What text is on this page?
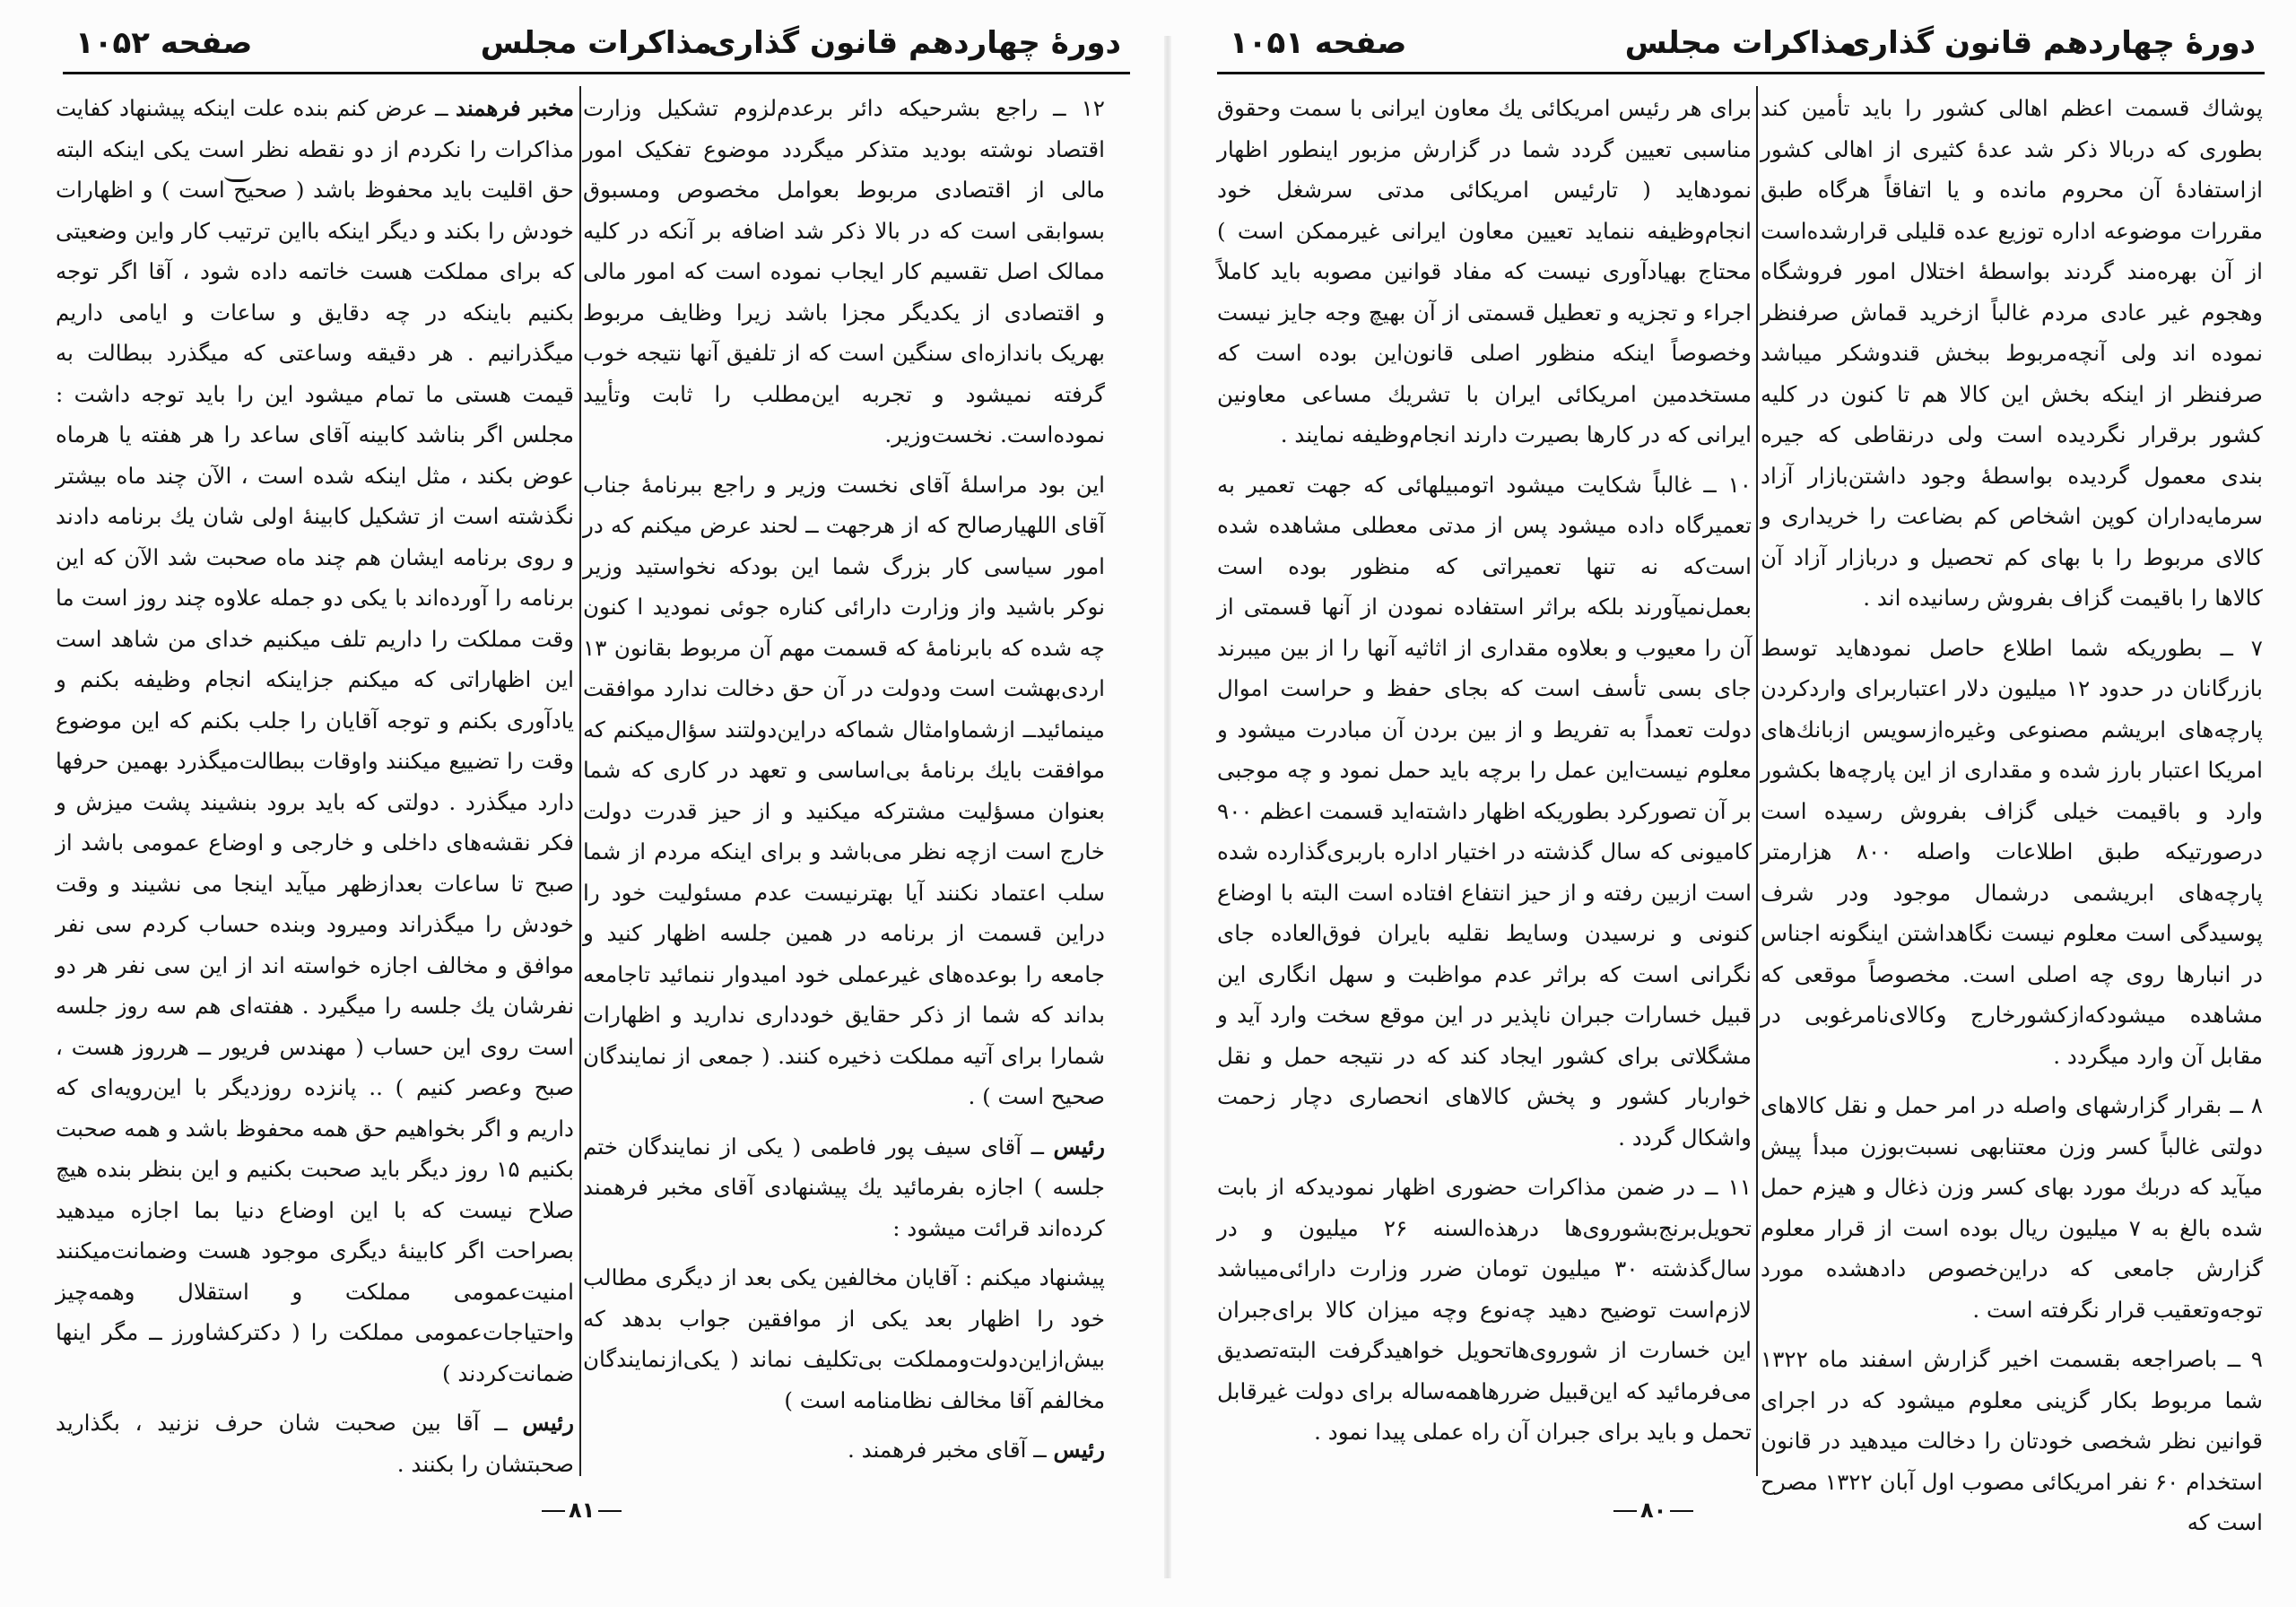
دورهٔ چهاردهم قانون گذاری
مذاکرات مجلس
صفحه ۱۰۵۲

۱۲ ــ راجع بشرحیکه دائر برعدم‌لزوم تشکیل وزارت اقتصاد نوشته بودید متذکر میگردد موضوع تفکیک امور مالی از اقتصادی مربوط بعوامل مخصوص ومسبوق بسوابقی است که در بالا ذکر شد اضافه بر آنکه در کلیه ممالک اصل تقسیم کار ایجاب نموده است که امور مالی و اقتصادی از یکدیگر مجزا باشد زیرا وظایف مربوط بهریک باندازه‌ای سنگین است که از تلفیق آنها نتیجه خوب گرفته نمیشود و تجربه این‌مطلب را ثابت وتأیید نموده‌است. نخست‌وزیر.

این بود مراسلهٔ آقای نخست وزیر و راجع ببرنامهٔ جناب آقای اللهیار‌صالح که از هرجهت ــ لحند عرض میکنم که در امور سیاسی کار بزرگ شما این بودکه نخواستید وزیر نوکر باشید واز وزارت دارائی کناره جوئی نمودید ا کنون چه شده که بابرنامهٔ که قسمت مهم آن مربوط بقانون ۱۳ اردی‌بهشت است ودولت در آن حق دخالت ندارد موافقت مینمائید‌ــ ازشماوامثال شماکه دراین‌دولتند سؤال‌میکنم که موافقت بایك برنامهٔ بی‌اساسی و تعهد در کاری که شما بعنوان مسؤلیت مشترکه میکنید و از حیز قدرت دولت خارج است ازچه نظر می‌باشد و برای اینکه مردم از شما سلب اعتماد نکنند آیا بهتر‌نیست عدم مسئولیت خود را دراین قسمت از برنامه در همین جلسه اظهار کنید و جامعه را بوعده‌های غیرعملی خود امیدوار ننمائید تاجامعه بداند که شما از ذکر حقایق خودداری ندارید و اظهارات شمارا برای آتیه مملکت ذخیره کنند. ( جمعی از نمایندگان صحیح است ) .

رئیس ــ آقای سیف پور فاطمی ( یکی از نمایندگان ختم جلسه ) اجازه بفرمائید یك پیشنهادی آقای مخبر فرهمند کرده‌اند قرائت میشود :

پیشنهاد میکنم : آقایان مخالفین یکی بعد از دیگری مطالب خود را اظهار بعد یکی از موافقین جواب بدهد که بیش‌ازاین‌دولت‌و‌مملکت بی‌تکلیف نماند ( یکی‌ازنمایندگان مخالفم آقا مخالف نظامنامه است )

رئیس ــ آقای مخبر فرهمند .

مخبر فرهمند ــ عرض کنم بنده علت اینکه پیشنهاد کفایت مذاکرات را نکردم از دو نقطه نظر است یکی اینکه البته حق اقلیت باید محفوظ باشد ( صحیح است ) و اظهارات خودش را بکند و دیگر اینکه بااین ترتیب کار واین وضعیتی که برای مملکت هست خاتمه داده شود ، آقا اگر توجه بکنیم باینکه در چه دقایق و ساعات و ایامی داریم میگذرانیم . هر دقیقه وساعتی که میگذرد ببطالت به قیمت هستی ما تمام میشود این را باید توجه داشت : مجلس اگر بناشد کابینه آقای ساعد را هر هفته یا هرماه عوض بکند ، مثل اینکه شده است ، الآن چند ماه بیشتر نگذشته است از تشکیل کابینهٔ اولی شان یك برنامه دادند و روی برنامه ایشان هم چند ماه صحبت شد الآن که این برنامه را آورده‌اند با یکی دو جمله علاوه چند روز است ما وقت مملکت را داریم تلف میکنیم خدای من شاهد است این اظهاراتی که میکنم جزاینکه انجام وظیفه بکنم و یادآوری بکنم و توجه آقایان را جلب بکنم که این موضوع وقت را تضییع میکنند واوقات ببطالت‌میگذرد بهمین حرفها دارد میگذرد . دولتی که باید برود بنشیند پشت میزش و فکر نقشه‌های داخلی و خارجی و اوضاع عمومی باشد از صبح تا ساعات بعدازظهر میآید اینجا می نشیند و وقت خودش را میگذراند ومیرود وبنده حساب کردم سی نفر موافق و مخالف اجازه خواسته اند از این سی نفر هر دو نفرشان یك جلسه را میگیرد . هفته‌ای هم سه روز جلسه است روی این حساب ( مهندس فریور ــ هرروز هست ، صبح وعصر کنیم ) .. پانزده روزدیگر با این‌رویه‌ای که داریم و اگر بخواهیم حق همه محفوظ باشد و همه صحبت بکنیم ۱۵ روز دیگر باید صحبت بکنیم و این بنظر بنده هیچ صلاح نیست که با این اوضاع دنیا بما اجازه میدهید بصراحت اگر کابینهٔ دیگری موجود هست وضمانت‌میکنند امنیت‌عمومی مملکت و استقلال وهمه‌چیز واحتیاجات‌عمومی مملکت را ( دکتر‌کشاورز ــ مگر اینها ضمانت‌کردند )

رئیس ــ آقا بین صحبت شان حرف نزنید ، بگذارید صحبتشان را بکنند .

۸۱
دورهٔ چهاردهم قانون گذاری
مذاکرات مجلس
صفحه ۱۰۵۱

پوشاك قسمت اعظم اهالی کشور را باید تأمین کند بطوری که دربالا ذکر شد عدهٔ کثیری از اهالی کشور ازاستفادهٔ آن محروم مانده و یا اتفاقاً هرگاه طبق مقررات موضوعه اداره توزیع عده قلیلی قرارشده‌است از آن بهره‌مند گردند بواسطهٔ اختلال امور فروشگاه وهجوم غیر عادی مردم غالباً ازخرید قماش صرفنظر نموده اند ولی آنچه‌مربوط ببخش قندوشکر میباشد صرفنظر از اینکه بخش این کالا هم تا کنون در کلیه کشور برقرار نگردیده است ولی درنقاطی که جیره بندی معمول گردیده بواسطهٔ وجود داشتن‌بازار آزاد سرمایه‌داران کوپن اشخاص کم بضاعت را خریداری و کالای مربوط را با بهای کم تحصیل و دربازار آزاد آن کالاها را باقیمت گزاف بفروش رسانیده اند .

۷ ــ بطوریکه شما اطلاع حاصل نمودهاید توسط بازرگانان در حدود ۱۲ میلیون دلار اعتباربرای واردکردن پارچه‌های ابریشم مصنوعی وغیره‌ازسویس ازبانك‌های امریکا اعتبار بارز شده و مقداری از این پارچه‌ها بکشور وارد و باقیمت خیلی گزاف بفروش رسیده است درصورتیکه طبق اطلاعات واصله ۸۰۰ هزارمتر پارچه‌های ابریشمی درشمال موجود ودر شرف پوسیدگی است معلوم نیست نگاهداشتن اینگونه اجناس در انبارها روی چه اصلی است. مخصوصاً موقعی که مشاهده میشودکه‌ازکشورخارج وکالای‌نامرغوبی در مقابل آن وارد میگردد .

۸ ــ بقرار گزارشهای واصله در امر حمل و نقل کالاهای دولتی غالباً کسر وزن معتنابهی نسبت‌بوزن مبدأ پیش میآید که دربك مورد بهای کسر وزن ذغال و هیزم حمل شده بالغ به ۷ میلیون ریال بوده است از قرار معلوم گزارش جامعی که دراین‌خصوص دادهشده مورد توجه‌وتعقیب قرار نگرفته است .

۹ ــ باصراجعه بقسمت اخیر گزارش اسفند ماه ۱۳۲۲ شما مربوط بکار گزینی معلوم میشود که در اجرای قوانین نظر شخصی خودتان را دخالت میدهید در قانون استخدام ۶۰ نفر امریکائی مصوب اول آبان ۱۳۲۲ مصرح است که

برای هر رئیس امریکائی یك معاون ایرانی با سمت وحقوق مناسبی تعیین گردد شما در گزارش مزبور اینطور اظهار نمودهاید ( تارئیس امریکائی مدتی سرشغل خود انجام‌وظیفه ننماید تعیین معاون ایرانی غیرممکن است ) محتاج بهیادآوری نیست که مفاد قوانین مصوبه باید کاملاً اجراء و تجزیه و تعطیل قسمتی از آن بهیچ وجه جایز نیست وخصوصاً اینکه منظور اصلی قانون‌این بوده است که مستخدمین امریکائی ایران با تشریك مساعی معاونین ایرانی که در کارها بصیرت دارند انجام‌وظیفه نمایند .

۱۰ ــ غالباً شکایت میشود اتومبیلهائی که جهت تعمیر به تعمیرگاه داده میشود پس از مدتی معطلی مشاهده شده است‌که نه تنها تعمیراتی که منظور بوده است بعمل‌نمیآورند بلکه براثر استفاده نمودن از آنها قسمتی از آن را معیوب و بعلاوه مقداری از اثاثیه آنها را از بین میبرند جای بسی تأسف است که بجای حفظ و حراست اموال دولت تعمداً به تفریط و از بین بردن آن مبادرت میشود و معلوم نیست‌این عمل را برچه باید حمل نمود و چه موجبی بر آن تصورکرد بطوریکه اظهار داشته‌اید قسمت اعظم ۹۰۰ کامیونی که سال گذشته در اختیار اداره باربری‌گذارده شده است ازبین رفته و از حیز انتفاع افتاده است البته با اوضاع کنونی و نرسیدن وسایط نقلیه بایران فوق‌العاده جای نگرانی است که براثر عدم مواظبت و سهل انگاری این قبیل خسارات جبران ناپذیر در این موقع سخت وارد آید و مشگلاتی برای کشور ایجاد کند که در نتیجه حمل و نقل خواربار کشور و پخش کالاهای انحصاری دچار زحمت واشکال گردد .

۱۱ ــ در ضمن مذاکرات حضوری اظهار نمودیدکه از بابت تحویل‌برنج‌بشوروی‌ها درهذه‌السنه ۲۶ میلیون و در سال‌گذشته ۳۰ میلیون تومان ضرر وزارت دارائی‌میباشد لازم‌است توضیح دهید چه‌نوع وچه میزان کالا برای‌جبران این خسارت از شوروی‌ها‌تحویل خواهید‌گرفت البته‌تصدیق می‌فرمائید که این‌قبیل ضررها‌همه‌ساله برای دولت غیر‌قابل تحمل و باید برای جبران آن راه عملی پیدا نمود .

۸۰
